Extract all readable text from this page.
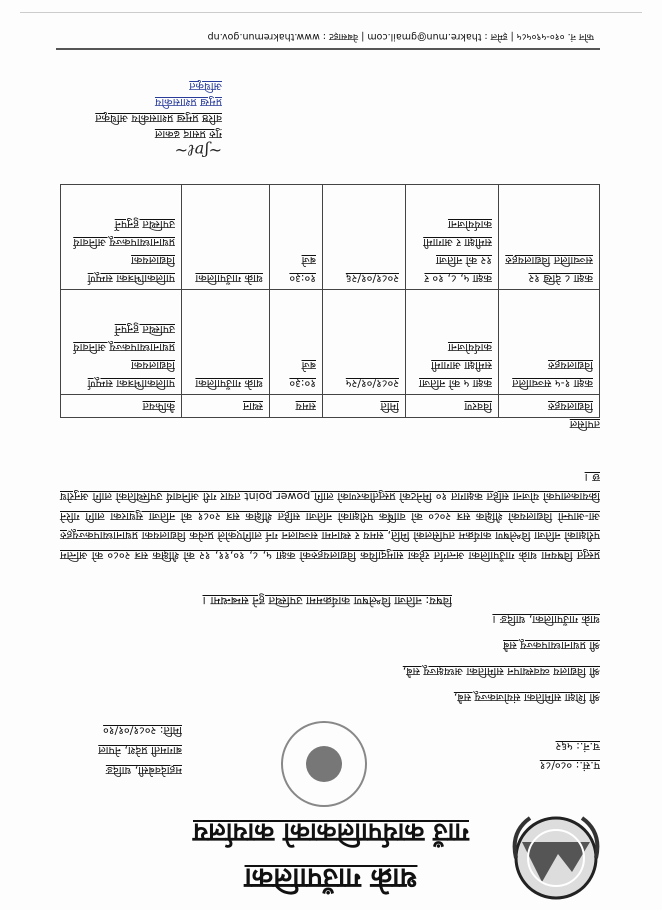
थाक्रे गाउँपालिका
गाउँ कार्यपालिकाको कार्यालय
प.सं.: ०८०/८१
च.नं.: ५६२
महादेवबेसी, धादिङ
बागमती प्रदेश, नेपाल
मिति: २०८१/०१/१०
श्री शिक्षा समितिका संयोजकज्यू सबै,
श्री विद्यालय व्यवस्थापन समितिका अध्यक्षज्यू सबै,
श्री प्रधानाध्यापकज्यू सबै
थाक्रे गाउँपालिका, धादिङ ।
विषय: नतिजा विश्लेषण कार्यक्रममा उपस्थित हुने सम्बन्धमा ।
प्रस्तुत विषयमा थाक्रे गाउँपालिका अन्तर्गत रहेका सामुदायिक विद्यालयहरुको कक्षा ५, ८, १०,११, १२ को शैक्षिक सत्र २०८० को अन्तिम परीक्षाको नतिजा विश्लेषण कार्यक्रम तपसिलको मिति, समय र स्थानमा सञ्चालन गर्न लागिएकोले प्रत्येक विद्यालयका प्रधानाध्यापकज्यूहरु आ-आफ्नो विद्यालयको शैक्षिक सत्र २०८० को वार्षिक परीक्षाको नतिजा सहित शैक्षिक सत्र २०८१ को नतिजा सुधारका लागि गरिने क्रियाकलापको योजना सहित कक्षागत १० मिनेटको प्रस्तुतीकरणको लागि power point तयार गरी अनिवार्य उपस्थितिको लागि अनुरोध छ ।
तपसिल
विद्यालयहरु	विवरण	मिति	समय	स्थान	कैफियत
कक्षा १-५ सञ्चालित विद्यालयहरु	कक्षा ५ को नतिजा समीक्षा आगामी कार्ययोजना	२०८१/०१/२५	१०:३० बजे	थाक्रे गाउँपालिका	पालिकाभित्रका सम्पूर्ण विद्यालयका प्रधानाध्यापकज्यू अनिवार्य उपस्थित हुनुपर्ने
कक्षा ८ देखि १२ सञ्चालित विद्यालयहरु	कक्षा ५, ८, १० र १२ को नतिजा समीक्षा र आगामी कार्ययोजना	२०८१/०१/२६	१०:३० बजे	थाक्रे गाउँपालिका	पालिकाभित्रका सम्पूर्ण विद्यालयका प्रधानाध्यापकज्यू अनिवार्य उपस्थित हुनुपर्ने
~ʃɐℓ~
गुरु प्रसाद ढकाल
वरिष्ठ प्रमुख प्रशासकीय अधिकृत
प्रमुख प्रशासकीय
अधिकृत
फोन नं. ०१०-५९०५८५ | इमेल : thakre.mun@gmail.com | वेबसाइट : www.thakremun.gov.np
